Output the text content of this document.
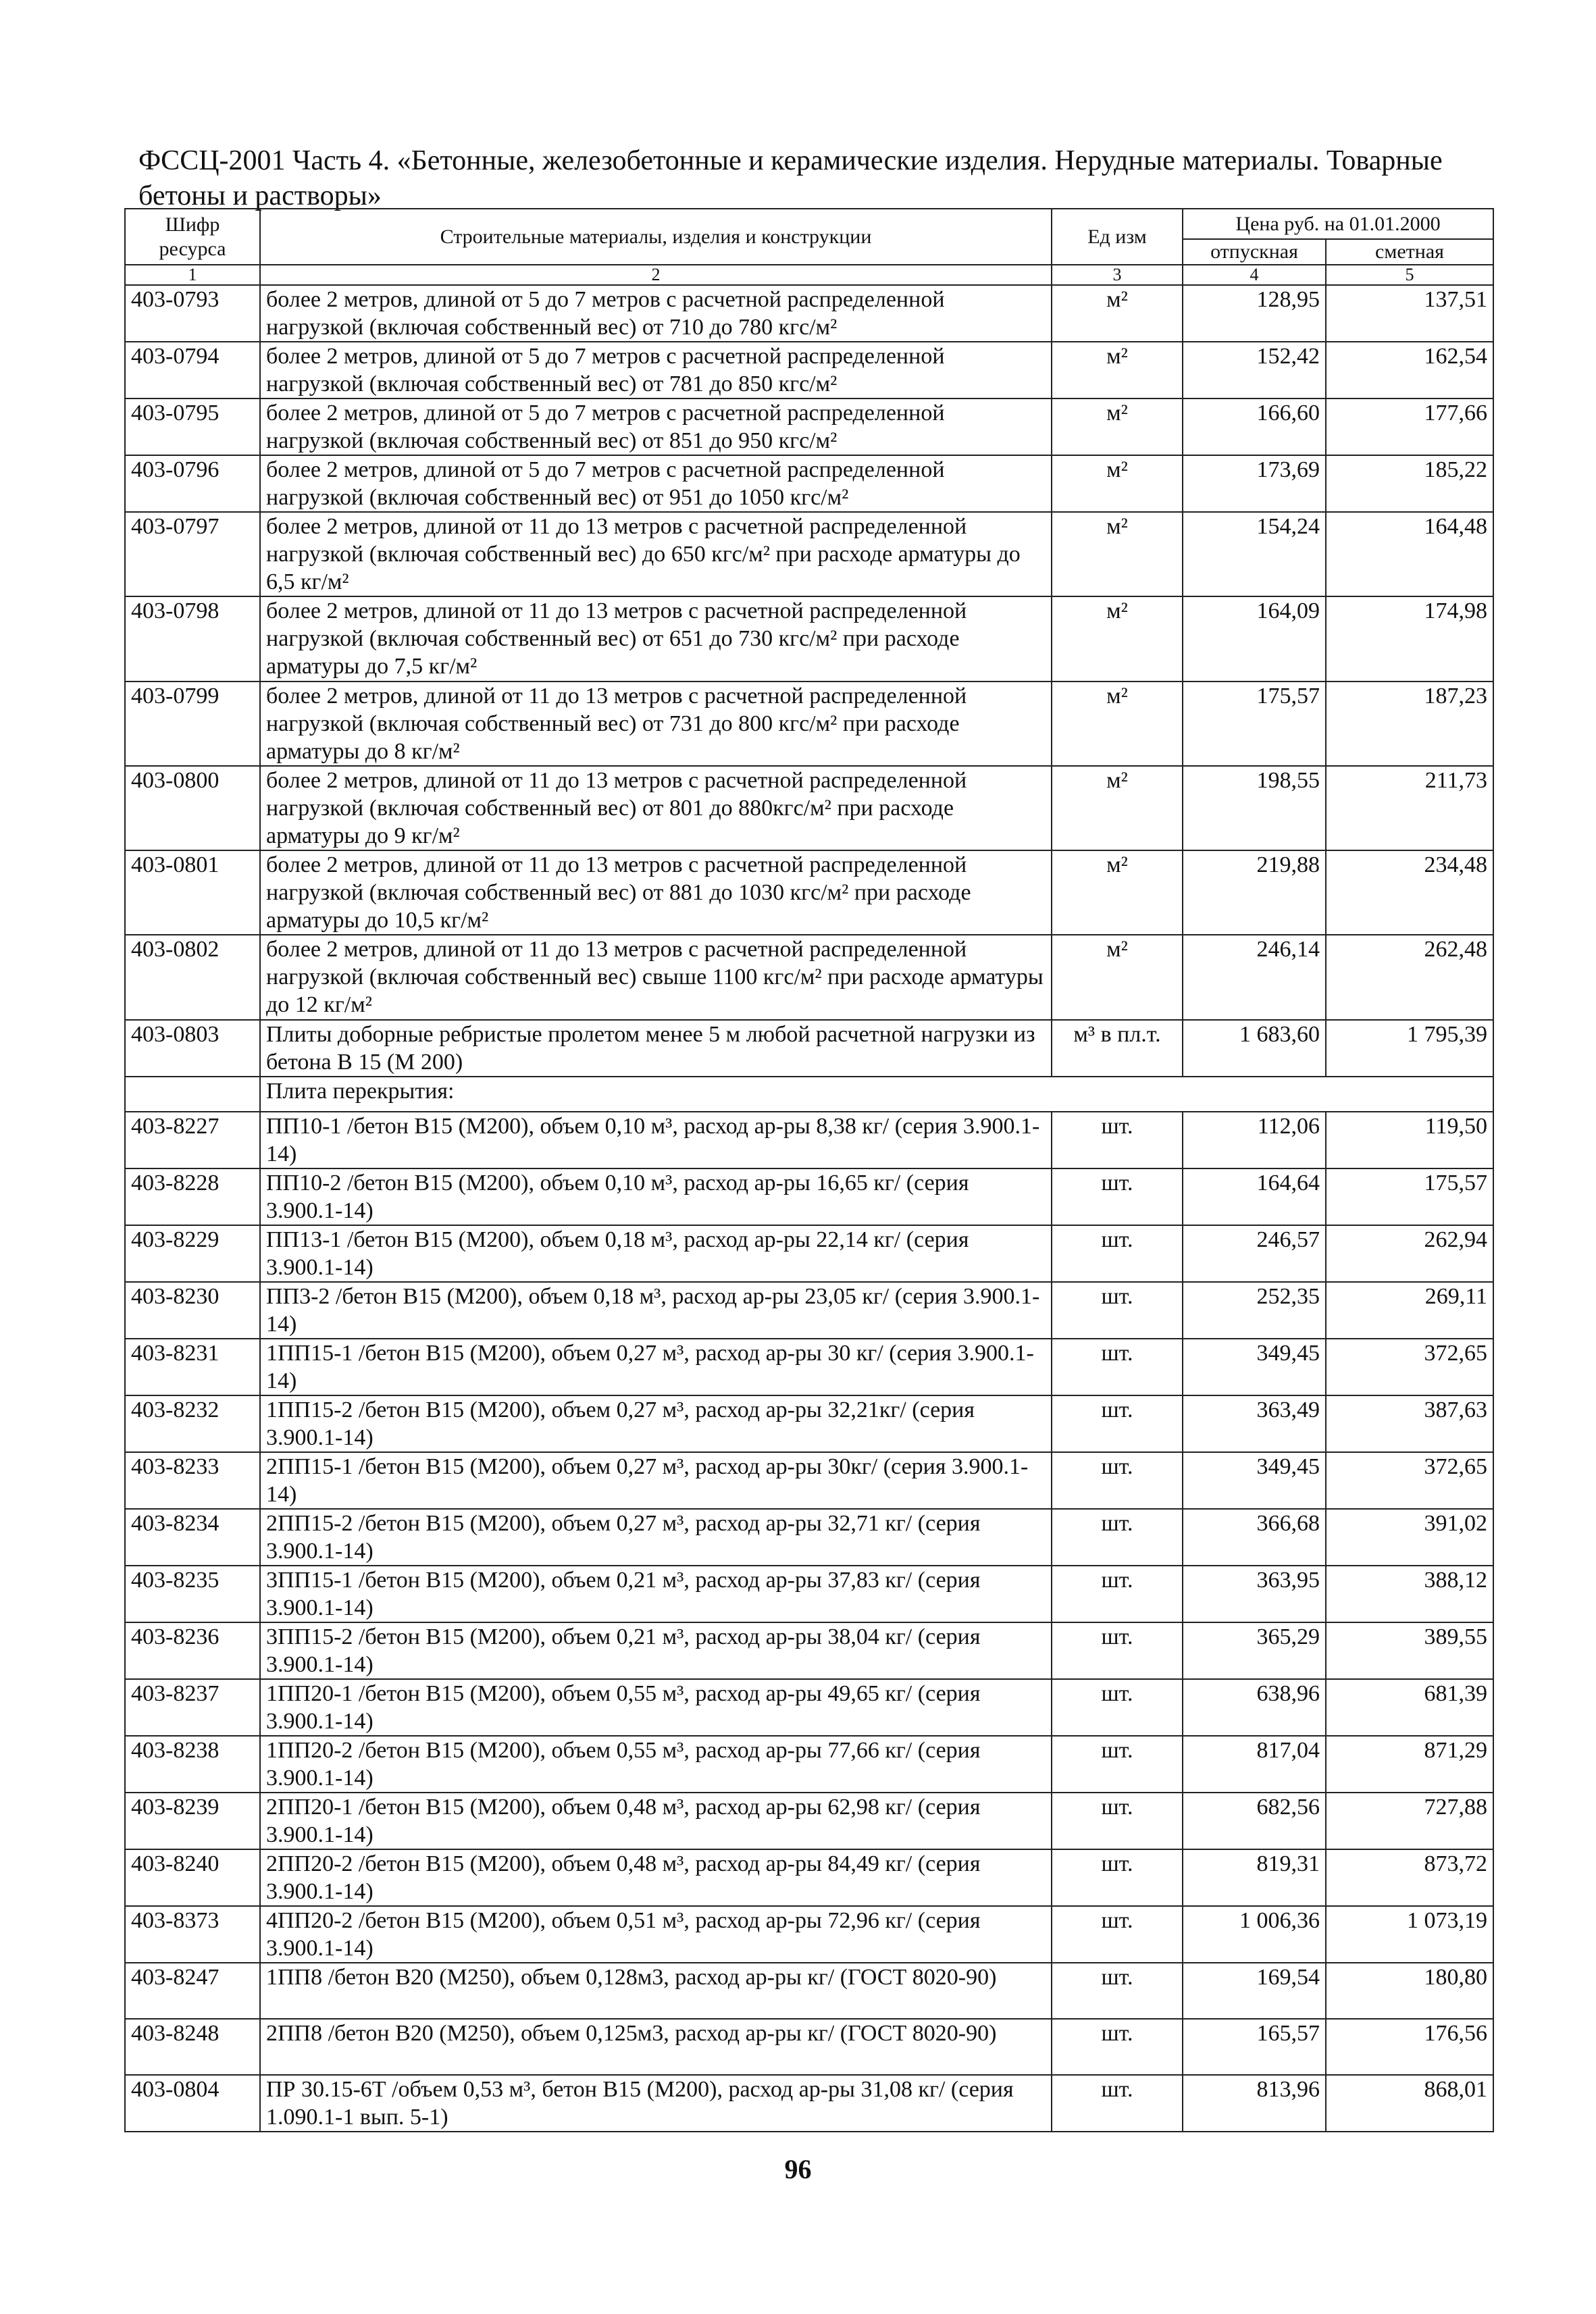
ФССЦ-2001 Часть 4. «Бетонные, железобетонные и керамические изделия. Нерудные материалы. Товарные бетоны и растворы»
Шифр ресурса	Строительные материалы, изделия и конструкции	Ед изм	Цена руб. на 01.01.2000	
			отпускная	сметная
1	2	3	4	5
403-0793	более 2 метров, длиной от 5 до 7 метров с расчетной распределенной нагрузкой (включая собственный вес) от 710 до 780 кгс/м²	м²	128,95	137,51
403-0794	более 2 метров, длиной от 5 до 7 метров с расчетной распределенной нагрузкой (включая собственный вес) от 781 до 850 кгс/м²	м²	152,42	162,54
403-0795	более 2 метров, длиной от 5 до 7 метров с расчетной распределенной нагрузкой (включая собственный вес) от 851 до 950 кгс/м²	м²	166,60	177,66
403-0796	более 2 метров, длиной от 5 до 7 метров с расчетной распределенной нагрузкой (включая собственный вес) от 951 до 1050 кгс/м²	м²	173,69	185,22
403-0797	более 2 метров, длиной от 11 до 13 метров с расчетной распределенной нагрузкой (включая собственный вес) до 650 кгс/м² при расходе арматуры до 6,5 кг/м²	м²	154,24	164,48
403-0798	более 2 метров, длиной от 11 до 13 метров с расчетной распределенной нагрузкой (включая собственный вес) от 651 до 730 кгс/м² при расходе арматуры до 7,5 кг/м²	м²	164,09	174,98
403-0799	более 2 метров, длиной от 11 до 13 метров с расчетной распределенной нагрузкой (включая собственный вес) от 731 до 800 кгс/м² при расходе арматуры до 8 кг/м²	м²	175,57	187,23
403-0800	более 2 метров, длиной от 11 до 13 метров с расчетной распределенной нагрузкой (включая собственный вес) от 801 до 880кгс/м² при расходе арматуры до 9 кг/м²	м²	198,55	211,73
403-0801	более 2 метров, длиной от 11 до 13 метров с расчетной распределенной нагрузкой (включая собственный вес) от 881 до 1030 кгс/м² при расходе арматуры до 10,5 кг/м²	м²	219,88	234,48
403-0802	более 2 метров, длиной от 11 до 13 метров с расчетной распределенной нагрузкой (включая собственный вес) свыше 1100 кгс/м² при расходе арматуры до 12 кг/м²	м²	246,14	262,48
403-0803	Плиты доборные ребристые пролетом менее 5 м любой расчетной нагрузки из бетона В 15 (М 200)	м³ в пл.т.	1 683,60	1 795,39
	Плита перекрытия:			
403-8227	ПП10-1 /бетон В15 (М200), объем 0,10 м³, расход ар-ры 8,38 кг/ (серия 3.900.1-14)	шт.	112,06	119,50
403-8228	ПП10-2 /бетон В15 (М200), объем 0,10 м³, расход ар-ры 16,65 кг/ (серия 3.900.1-14)	шт.	164,64	175,57
403-8229	ПП13-1 /бетон В15 (М200), объем 0,18 м³, расход ар-ры 22,14 кг/ (серия 3.900.1-14)	шт.	246,57	262,94
403-8230	ПП3-2 /бетон В15 (М200), объем 0,18 м³, расход ар-ры 23,05 кг/ (серия 3.900.1-14)	шт.	252,35	269,11
403-8231	1ПП15-1 /бетон В15 (М200), объем 0,27 м³, расход ар-ры 30 кг/ (серия 3.900.1-14)	шт.	349,45	372,65
403-8232	1ПП15-2 /бетон В15 (М200), объем 0,27 м³, расход ар-ры 32,21кг/ (серия 3.900.1-14)	шт.	363,49	387,63
403-8233	2ПП15-1 /бетон В15 (М200), объем 0,27 м³, расход ар-ры 30кг/ (серия 3.900.1-14)	шт.	349,45	372,65
403-8234	2ПП15-2 /бетон В15 (М200), объем 0,27 м³, расход ар-ры 32,71 кг/ (серия 3.900.1-14)	шт.	366,68	391,02
403-8235	3ПП15-1 /бетон В15 (М200), объем 0,21 м³, расход ар-ры 37,83 кг/ (серия 3.900.1-14)	шт.	363,95	388,12
403-8236	3ПП15-2 /бетон В15 (М200), объем 0,21 м³, расход ар-ры 38,04 кг/ (серия 3.900.1-14)	шт.	365,29	389,55
403-8237	1ПП20-1 /бетон В15 (М200), объем 0,55 м³, расход ар-ры 49,65 кг/ (серия 3.900.1-14)	шт.	638,96	681,39
403-8238	1ПП20-2 /бетон В15 (М200), объем 0,55 м³, расход ар-ры 77,66 кг/ (серия 3.900.1-14)	шт.	817,04	871,29
403-8239	2ПП20-1 /бетон В15 (М200), объем 0,48 м³, расход ар-ры 62,98 кг/ (серия 3.900.1-14)	шт.	682,56	727,88
403-8240	2ПП20-2 /бетон В15 (М200), объем 0,48 м³, расход ар-ры 84,49 кг/ (серия 3.900.1-14)	шт.	819,31	873,72
403-8373	4ПП20-2 /бетон В15 (М200), объем 0,51 м³, расход ар-ры 72,96 кг/ (серия 3.900.1-14)	шт.	1 006,36	1 073,19
403-8247	1ПП8 /бетон В20 (М250), объем 0,128м3, расход ар-ры кг/ (ГОСТ 8020-90)	шт.	169,54	180,80
403-8248	2ПП8 /бетон В20 (М250), объем 0,125м3, расход ар-ры кг/ (ГОСТ 8020-90)	шт.	165,57	176,56
403-0804	ПР 30.15-6Т /объем 0,53 м³, бетон В15 (М200), расход ар-ры 31,08 кг/ (серия 1.090.1-1 вып. 5-1)	шт.	813,96	868,01
96
